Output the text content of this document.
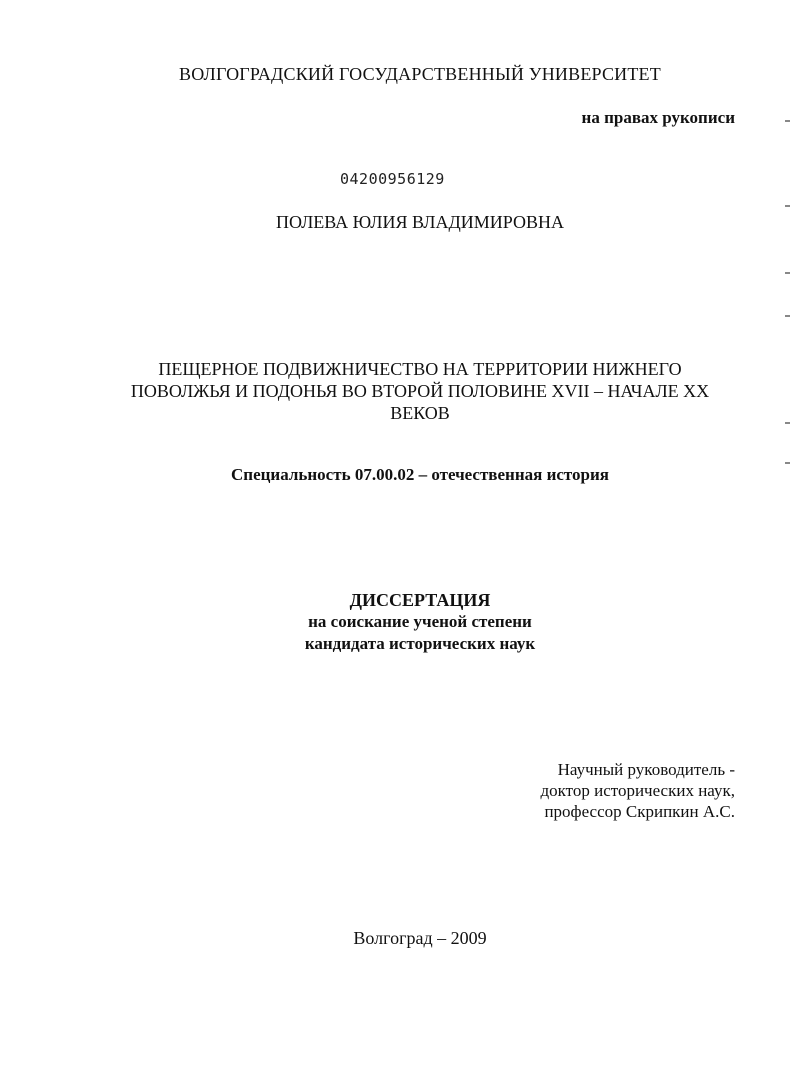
ВОЛГОГРАДСКИЙ ГОСУДАРСТВЕННЫЙ УНИВЕРСИТЕТ
на правах рукописи
04200956129
ПОЛЕВА ЮЛИЯ ВЛАДИМИРОВНА
ПЕЩЕРНОЕ ПОДВИЖНИЧЕСТВО НА ТЕРРИТОРИИ НИЖНЕГО
ПОВОЛЖЬЯ И ПОДОНЬЯ ВО ВТОРОЙ ПОЛОВИНЕ XVII – НАЧАЛЕ XX
ВЕКОВ
Специальность 07.00.02 – отечественная история
ДИССЕРТАЦИЯ
на соискание ученой степени
кандидата исторических наук
Научный руководитель -
доктор исторических наук,
профессор Скрипкин А.С.
Волгоград – 2009
